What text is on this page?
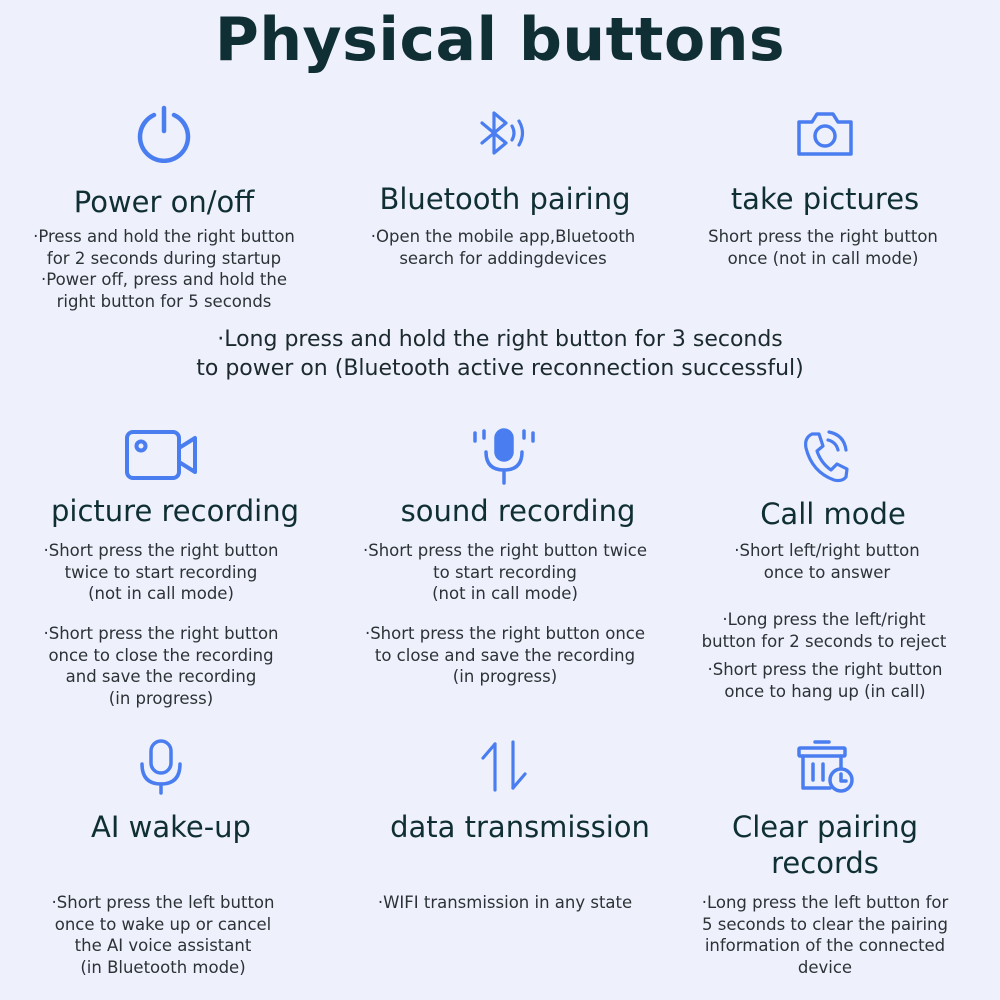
Physical buttons
Power on/off
·Press and hold the right button
for 2 seconds during startup
·Power off, press and hold the
right button for 5 seconds
Bluetooth pairing
·Open the mobile app,Bluetooth
search for addingdevices
take pictures
Short press the right button
once (not in call mode)
·Long press and hold the right button for 3 seconds
to power on (Bluetooth active reconnection successful)
picture recording
·Short press the right button
twice to start recording
(not in call mode)
·Short press the right button
once to close the recording
and save the recording
(in progress)
sound recording
·Short press the right button twice
to start recording
(not in call mode)
·Short press the right button once
to close and save the recording
(in progress)
Call mode
·Short left/right button
once to answer
·Long press the left/right
button for 2 seconds to reject
·Short press the right button
once to hang up (in call)
AI wake-up
·Short press the left button
once to wake up or cancel
the AI voice assistant
(in Bluetooth mode)
data transmission
·WIFI transmission in any state
Clear pairing
records
·Long press the left button for
5 seconds to clear the pairing
information of the connected
device
